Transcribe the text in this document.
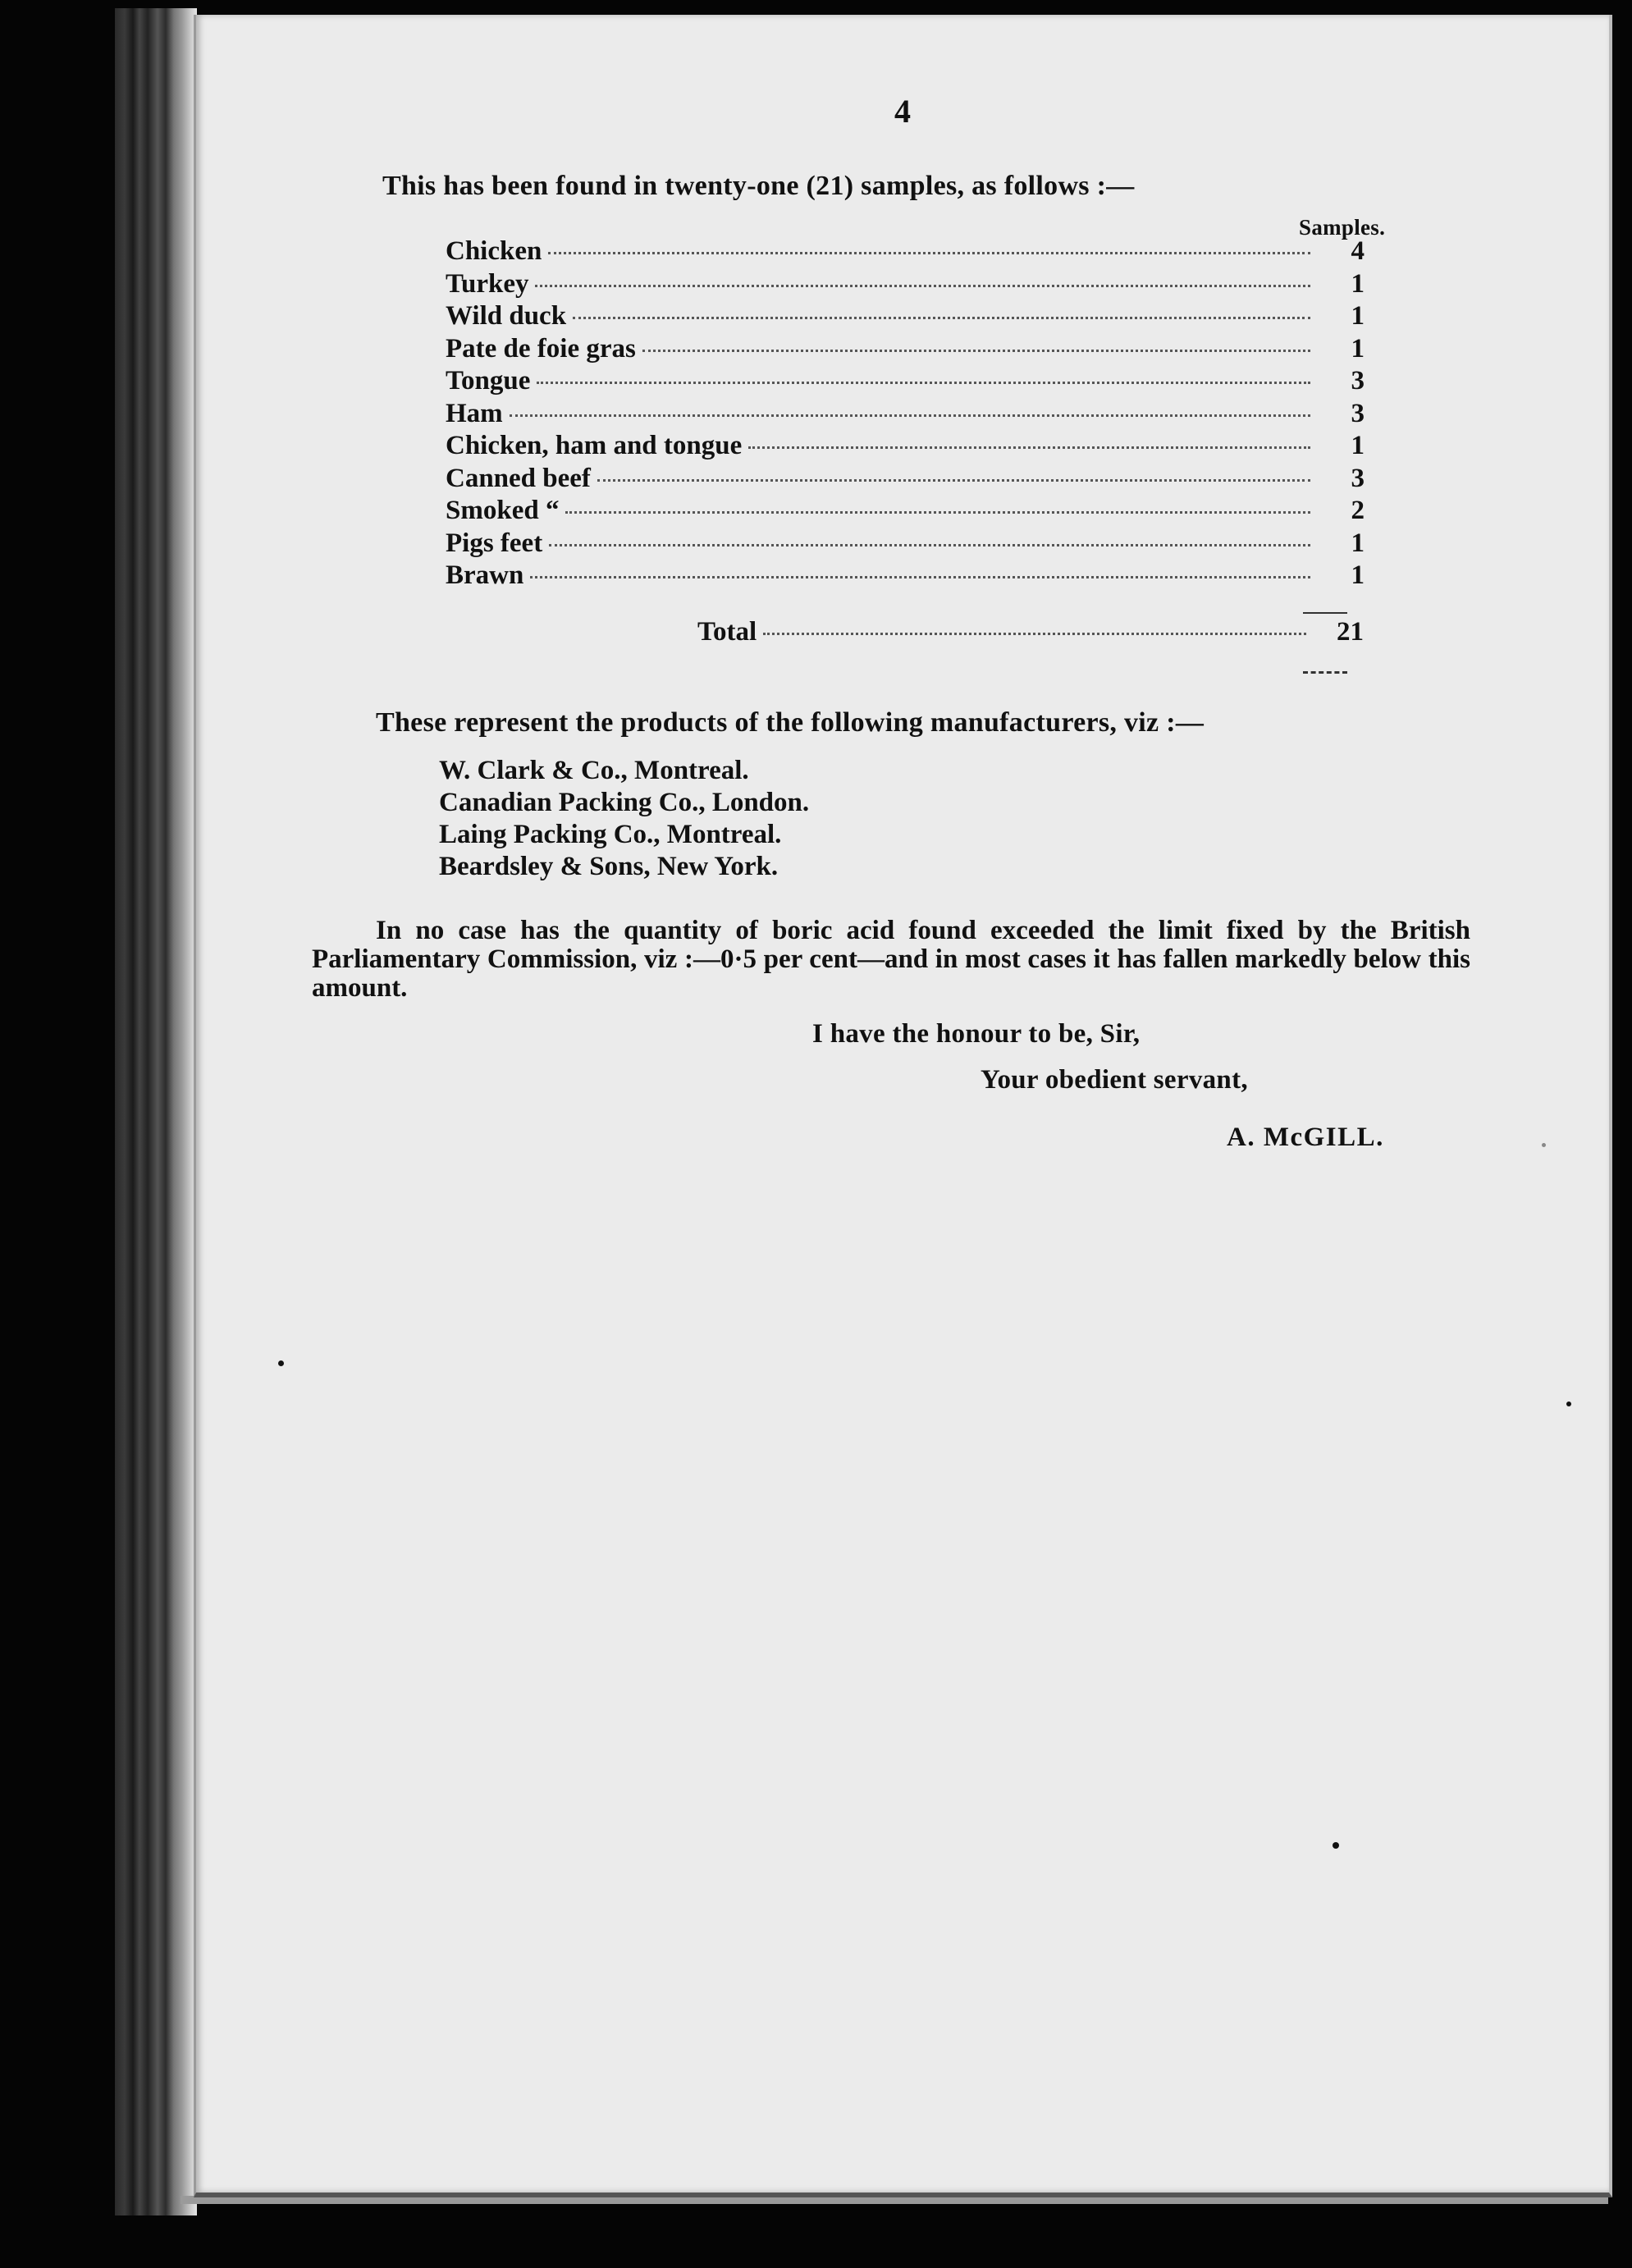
4
This has been found in twenty-one (21) samples, as follows :—
Samples.
Chicken	4
Turkey	1
Wild duck	1
Pate de foie gras	1
Tongue	3
Ham	3
Chicken, ham and tongue	1
Canned beef	3
Smoked “	2
Pigs feet	1
Brawn	1
Total	21
These represent the products of the following manufacturers, viz :—
W. Clark & Co., Montreal.
Canadian Packing Co., London.
Laing Packing Co., Montreal.
Beardsley & Sons, New York.
In no case has the quantity of boric acid found exceeded the limit fixed by the British Parliamentary Commission, viz :—0·5 per cent—and in most cases it has fallen markedly below this amount.
I have the honour to be, Sir,
Your obedient servant,
A. McGILL.
